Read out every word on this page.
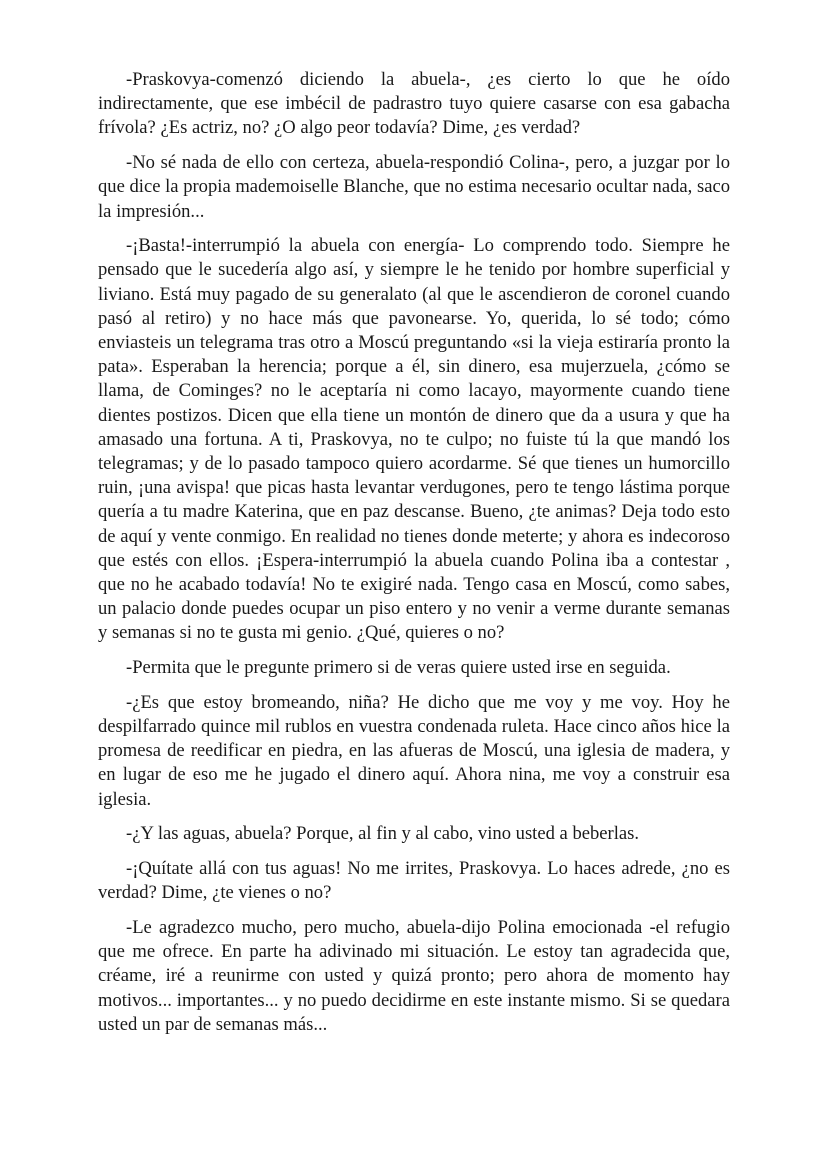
-Praskovya-comenzó diciendo la abuela-, ¿es cierto lo que he oído indirectamente, que ese imbécil de padrastro tuyo quiere casarse con esa gabacha frívola? ¿Es actriz, no? ¿O algo peor todavía? Dime, ¿es verdad?

-No sé nada de ello con certeza, abuela-respondió Colina-, pero, a juzgar por lo que dice la propia mademoiselle Blanche, que no estima necesario ocultar nada, saco la impresión...

-¡Basta!-interrumpió la abuela con energía- Lo comprendo todo. Siempre he pensado que le sucedería algo así, y siempre le he tenido por hombre superficial y liviano. Está muy pagado de su generalato (al que le ascendieron de coronel cuando pasó al retiro) y no hace más que pavonearse. Yo, querida, lo sé todo; cómo enviasteis un telegrama tras otro a Moscú preguntando «si la vieja estiraría pronto la pata». Esperaban la herencia; porque a él, sin dinero, esa mujerzuela, ¿cómo se llama, de Cominges? no le aceptaría ni como lacayo, mayormente cuando tiene dientes postizos. Dicen que ella tiene un montón de dinero que da a usura y que ha amasado una fortuna. A ti, Praskovya, no te culpo; no fuiste tú la que mandó los telegramas; y de lo pasado tampoco quiero acordarme. Sé que tienes un humorcillo ruin, ¡una avispa! que picas hasta levantar verdugones, pero te tengo lástima porque quería a tu madre Katerina, que en paz descanse. Bueno, ¿te animas? Deja todo esto de aquí y vente conmigo. En realidad no tienes donde meterte; y ahora es indecoroso que estés con ellos. ¡Espera-interrumpió la abuela cuando Polina iba a contestar , que no he acabado todavía! No te exigiré nada. Tengo casa en Moscú, como sabes, un palacio donde puedes ocupar un piso entero y no venir a verme durante semanas y semanas si no te gusta mi genio. ¿Qué, quieres o no?

-Permita que le pregunte primero si de veras quiere usted irse en seguida.

-¿Es que estoy bromeando, niña? He dicho que me voy y me voy. Hoy he despilfarrado quince mil rublos en vuestra condenada ruleta. Hace cinco años hice la promesa de reedificar en piedra, en las afueras de Moscú, una iglesia de madera, y en lugar de eso me he jugado el dinero aquí. Ahora nina, me voy a construir esa iglesia.

-¿Y las aguas, abuela? Porque, al fin y al cabo, vino usted a beberlas.

-¡Quítate allá con tus aguas! No me irrites, Praskovya. Lo haces adrede, ¿no es verdad? Dime, ¿te vienes o no?

-Le agradezco mucho, pero mucho, abuela-dijo Polina emocionada -el refugio que me ofrece. En parte ha adivinado mi situación. Le estoy tan agradecida que, créame, iré a reunirme con usted y quizá pronto; pero ahora de momento hay motivos... importantes... y no puedo decidirme en este instante mismo. Si se quedara usted un par de semanas más...
